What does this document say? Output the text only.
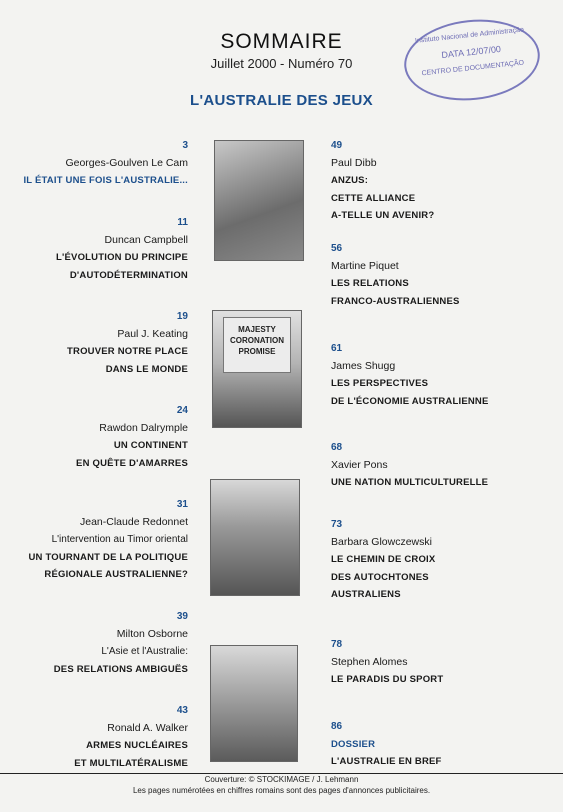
SOMMAIRE
Juillet 2000 - Numéro 70
L'AUSTRALIE DES JEUX
Instituto Nacional de Administração
DATA 12/07/00
CENTRO DE DOCUMENTAÇÃO
3
Georges-Goulven Le Cam
IL ÉTAIT UNE FOIS L'AUSTRALIE...
11
Duncan Campbell
L'ÉVOLUTION DU PRINCIPE
D'AUTODÉTERMINATION
19
Paul J. Keating
TROUVER NOTRE PLACE
DANS LE MONDE
24
Rawdon Dalrymple
UN CONTINENT
EN QUÊTE D'AMARRES
31
Jean-Claude Redonnet
L'intervention au Timor oriental
UN TOURNANT DE LA POLITIQUE
RÉGIONALE AUSTRALIENNE?
39
Milton Osborne
L'Asie et l'Australie:
DES RELATIONS AMBIGUËS
43
Ronald A. Walker
ARMES NUCLÉAIRES
ET MULTILATÉRALISME
MAJESTY CORONATION PROMISE
49
Paul Dibb
ANZUS:
CETTE ALLIANCE
A-TELLE UN AVENIR?
56
Martine Piquet
LES RELATIONS
FRANCO-AUSTRALIENNES
61
James Shugg
LES PERSPECTIVES
DE L'ÉCONOMIE AUSTRALIENNE
68
Xavier Pons
UNE NATION MULTICULTURELLE
73
Barbara Glowczewski
LE CHEMIN DE CROIX
DES AUTOCHTONES
AUSTRALIENS
78
Stephen Alomes
LE PARADIS DU SPORT
86
DOSSIER
L'AUSTRALIE EN BREF
Couverture: © STOCKIMAGE / J. Lehmann
Les pages numérotées en chiffres romains sont des pages d'annonces publicitaires.
